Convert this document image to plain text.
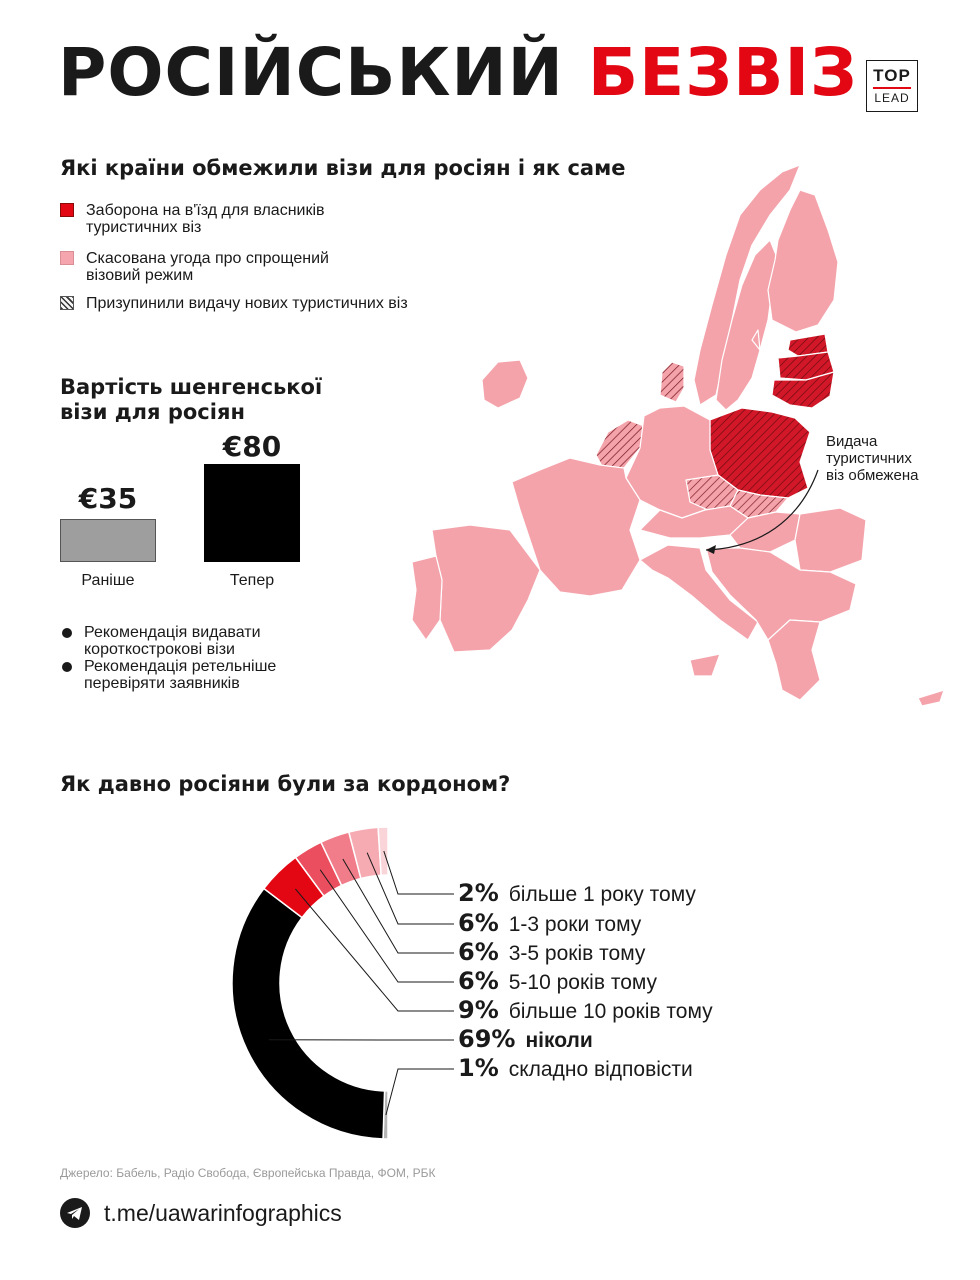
РОСІЙСЬКИЙ БЕЗВІЗ TOP
LEAD
Які країни обмежили візи для росіян і як саме
Заборона на в'їзд для власників
туристичних віз
Скасована угода про спрощений
візовий режим
Призупинили видачу нових туристичних віз
Вартість шенгенської
візи для росіян
€35
Раніше
€80
Тепер
Рекомендація видавати
короткострокові візи
Рекомендація ретельніше
перевіряти заявників
Видача
туристичних
віз обмежена
Як давно росіяни були за кордоном?
2% більше 1 року тому
6% 1-3 роки тому
6% 3-5 років тому
6% 5-10 років тому
9% більше 10 років тому
69% ніколи
1% складно відповісти
Джерело: Бабель, Радіо Свобода, Європейська Правда, ФОМ, РБК
t.me/uawarinfographics
